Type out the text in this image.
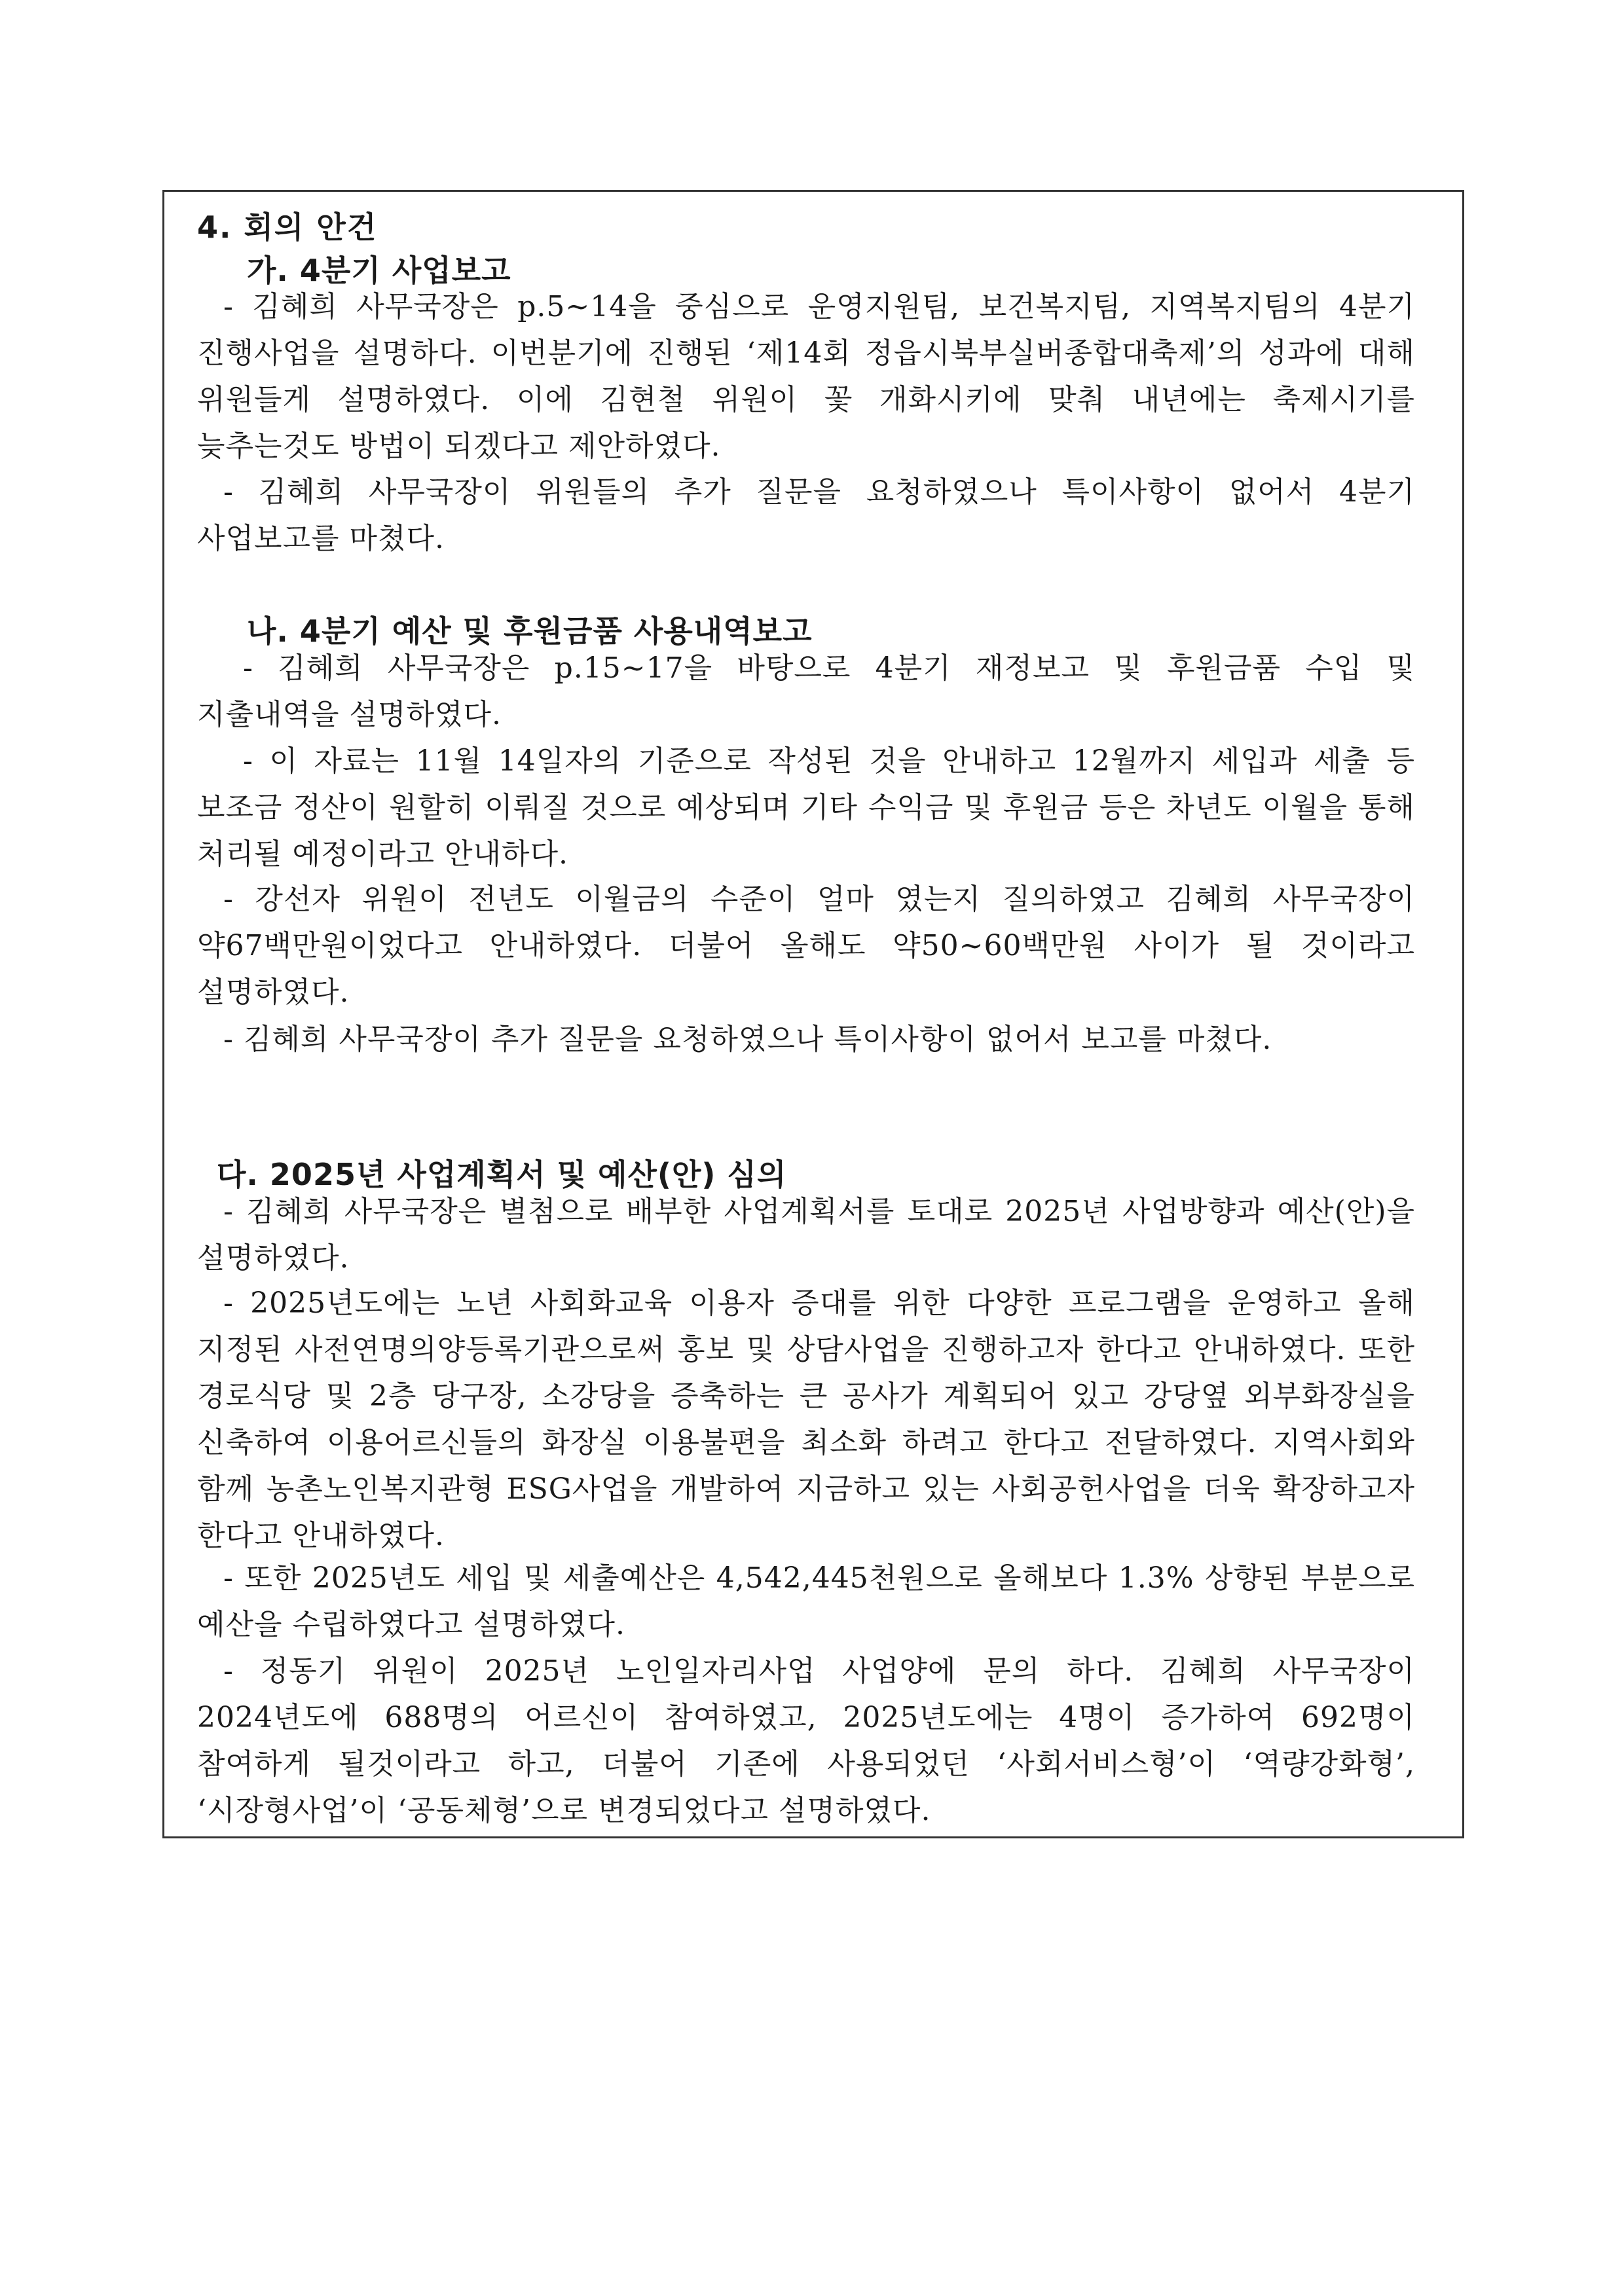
4. 회의 안건
가. 4분기 사업보고
- 김혜희 사무국장은 p.5~14을 중심으로 운영지원팀, 보건복지팀, 지역복지팀의 4분기 진행사업을 설명하다. 이번분기에 진행된 ‘제14회 정읍시북부실버종합대축제’의 성과에 대해 위원들게 설명하였다. 이에 김현철 위원이 꽃 개화시키에 맞춰 내년에는 축제시기를 늦추는것도 방법이 되겠다고 제안하였다.
- 김혜희 사무국장이 위원들의 추가 질문을 요청하였으나 특이사항이 없어서 4분기 사업보고를 마쳤다.
나. 4분기 예산 및 후원금품 사용내역보고
- 김혜희 사무국장은 p.15~17을 바탕으로 4분기 재정보고 및 후원금품 수입 및 지출내역을 설명하였다.
- 이 자료는 11월 14일자의 기준으로 작성된 것을 안내하고 12월까지 세입과 세출 등 보조금 정산이 원할히 이뤄질 것으로 예상되며 기타 수익금 및 후원금 등은 차년도 이월을 통해 처리될 예정이라고 안내하다.
- 강선자 위원이 전년도 이월금의 수준이 얼마 였는지 질의하였고 김혜희 사무국장이 약67백만원이었다고 안내하였다. 더불어 올해도 약50~60백만원 사이가 될 것이라고 설명하였다.
- 김혜희 사무국장이 추가 질문을 요청하였으나 특이사항이 없어서 보고를 마쳤다.
다. 2025년 사업계획서 및 예산(안) 심의
- 김혜희 사무국장은 별첨으로 배부한 사업계획서를 토대로 2025년 사업방향과 예산(안)을 설명하였다.
- 2025년도에는 노년 사회화교육 이용자 증대를 위한 다양한 프로그램을 운영하고 올해 지정된 사전연명의양등록기관으로써 홍보 및 상담사업을 진행하고자 한다고 안내하였다. 또한 경로식당 및 2층 당구장, 소강당을 증축하는 큰 공사가 계획되어 있고 강당옆 외부화장실을 신축하여 이용어르신들의 화장실 이용불편을 최소화 하려고 한다고 전달하였다. 지역사회와 함께 농촌노인복지관형 ESG사업을 개발하여 지금하고 있는 사회공헌사업을 더욱 확장하고자 한다고 안내하였다.
- 또한 2025년도 세입 및 세출예산은 4,542,445천원으로 올해보다 1.3% 상향된 부분으로 예산을 수립하였다고 설명하였다.
- 정동기 위원이 2025년 노인일자리사업 사업양에 문의 하다. 김혜희 사무국장이 2024년도에 688명의 어르신이 참여하였고, 2025년도에는 4명이 증가하여 692명이 참여하게 될것이라고 하고, 더불어 기존에 사용되었던 ‘사회서비스형’이 ‘역량강화형’, ‘시장형사업’이 ‘공동체형’으로 변경되었다고 설명하였다.
